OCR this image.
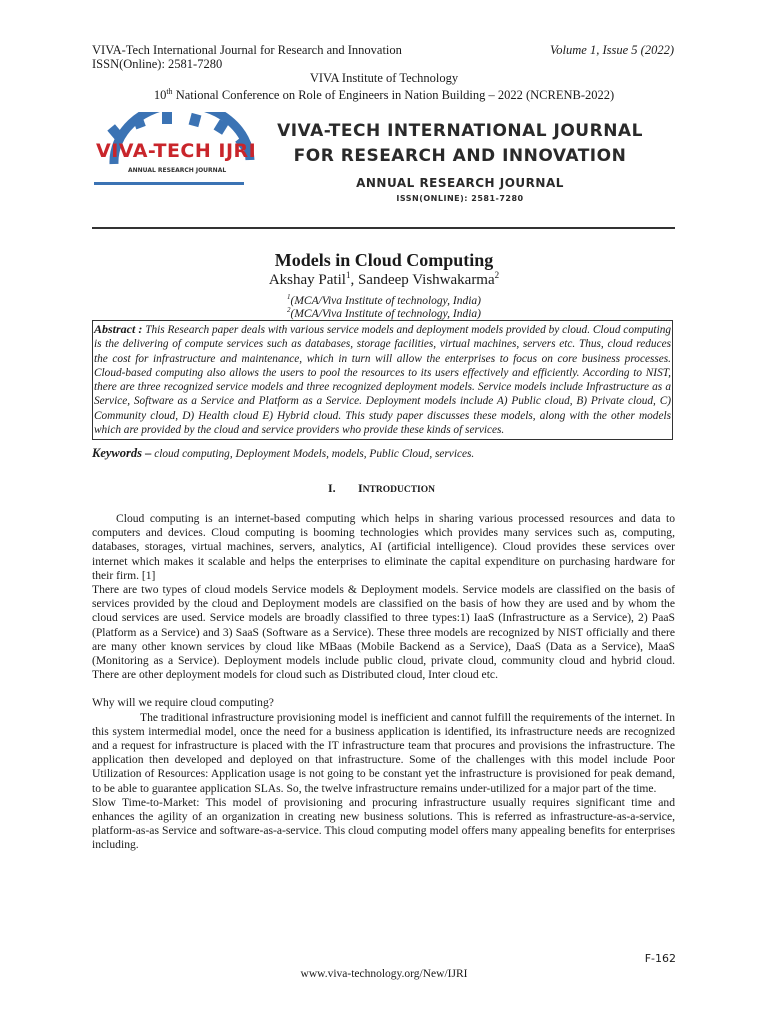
VIVA-Tech International Journal for Research and Innovation	Volume 1, Issue 5 (2022)
ISSN(Online): 2581-7280
VIVA Institute of Technology
10th National Conference on Role of Engineers in Nation Building – 2022 (NCRENB-2022)
VIVA-TECH IJRI
ANNUAL RESEARCH JOURNAL
VIVA-TECH INTERNATIONAL JOURNAL
FOR RESEARCH AND INNOVATION
ANNUAL RESEARCH JOURNAL
ISSN(ONLINE): 2581-7280
Models in Cloud Computing
Akshay Patil$^1$, Sandeep Vishwakarma$^2$
$^1$(MCA/Viva Institute of technology, India)
$^2$(MCA/Viva Institute of technology, India)

Abstract : This Research paper deals with various service models and deployment models provided by cloud. Cloud computing is the delivering of compute services such as databases, storage facilities, virtual machines, servers etc. Thus, cloud reduces the cost for infrastructure and maintenance, which in turn will allow the enterprises to focus on core business processes. Cloud-based computing also allows the users to pool the resources to its users effectively and efficiently. According to NIST, there are three recognized service models and three recognized deployment models. Service models include Infrastructure as a Service, Software as a Service and Platform as a Service. Deployment models include A) Public cloud, B) Private cloud, C) Community cloud, D) Health cloud E) Hybrid cloud. This study paper discusses these models, along with the other models which are provided by the cloud and service providers who provide these kinds of services.

Keywords – cloud computing, Deployment Models, models, Public Cloud, services.
I. INTRODUCTION

Cloud computing is an internet-based computing which helps in sharing various processed resources and data to computers and devices. Cloud computing is booming technologies which provides many services such as, computing, databases, storages, virtual machines, servers, analytics, AI (artificial intelligence). Cloud provides these services over internet which makes it scalable and helps the enterprises to eliminate the capital expenditure on purchasing hardware for their firm. [1]

There are two types of cloud models Service models & Deployment models. Service models are classified on the basis of services provided by the cloud and Deployment models are classified on the basis of how they are used and by whom the cloud services are used. Service models are broadly classified to three types:1) IaaS (Infrastructure as a Service), 2) PaaS (Platform as a Service) and 3) SaaS (Software as a Service). These three models are recognized by NIST officially and there are many other known services by cloud like MBaas (Mobile Backend as a Service), DaaS (Data as a Service), MaaS (Monitoring as a Service). Deployment models include public cloud, private cloud, community cloud and hybrid cloud. There are other deployment models for cloud such as Distributed cloud, Inter cloud etc.

Why will we require cloud computing?

The traditional infrastructure provisioning model is inefficient and cannot fulfill the requirements of the internet. In this system intermedial model, once the need for a business application is identified, its infrastructure needs are recognized and a request for infrastructure is placed with the IT infrastructure team that procures and provisions the infrastructure. The application then developed and deployed on that infrastructure. Some of the challenges with this model include Poor Utilization of Resources: Application usage is not going to be constant yet the infrastructure is provisioned for peak demand, to be able to guarantee application SLAs. So, the twelve infrastructure remains under-utilized for a major part of the time.

Slow Time-to-Market: This model of provisioning and procuring infrastructure usually requires significant time and enhances the agility of an organization in creating new business solutions. This is referred as infrastructure-as-a-service, platform-as-as Service and software-as-a-service. This cloud computing model offers many appealing benefits for enterprises including.

F-162
www.viva-technology.org/New/IJRI
